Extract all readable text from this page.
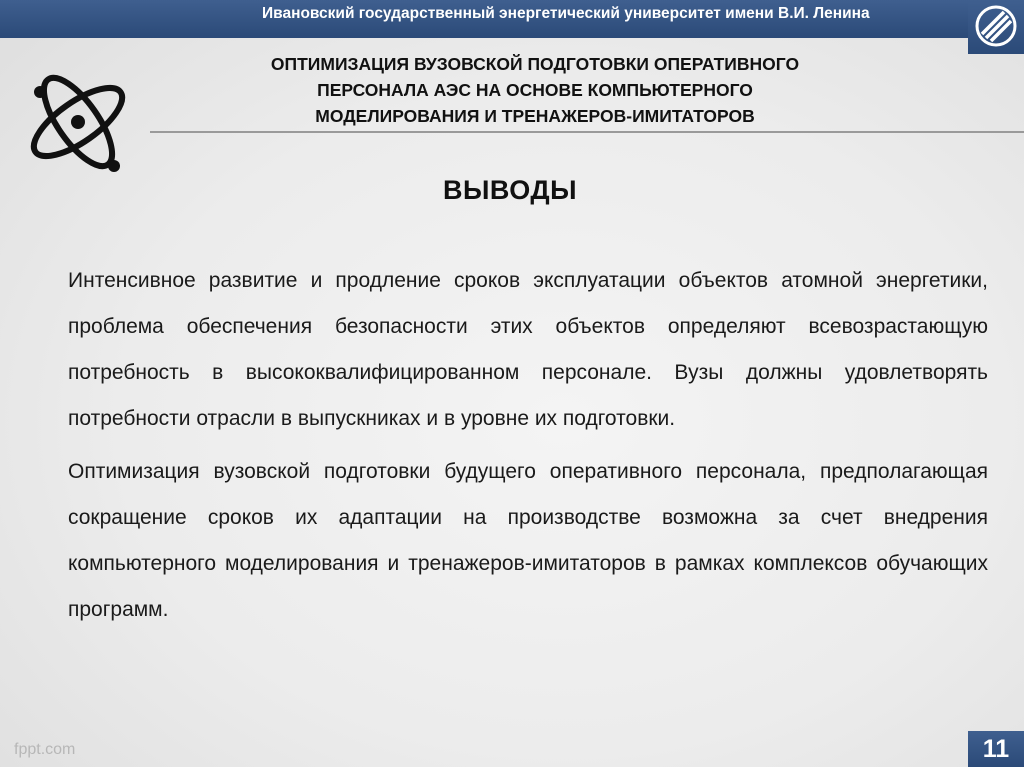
Ивановский государственный энергетический университет имени В.И. Ленина
ОПТИМИЗАЦИЯ ВУЗОВСКОЙ ПОДГОТОВКИ ОПЕРАТИВНОГО
ПЕРСОНАЛА АЭС НА ОСНОВЕ КОМПЬЮТЕРНОГО
МОДЕЛИРОВАНИЯ И ТРЕНАЖЕРОВ-ИМИТАТОРОВ
ВЫВОДЫ

Интенсивное развитие и продление сроков эксплуатации объектов атомной энергетики, проблема обеспечения безопасности этих объектов определяют всевозрастающую потребность в высококвалифицированном персонале. Вузы должны удовлетворять потребности отрасли в выпускниках и в уровне их подготовки.

Оптимизация вузовской подготовки будущего оперативного персонала, предполагающая сокращение сроков их адаптации на производстве возможна за счет внедрения компьютерного моделирования и тренажеров-имитаторов в рамках комплексов обучающих программ.

fppt.com	11
